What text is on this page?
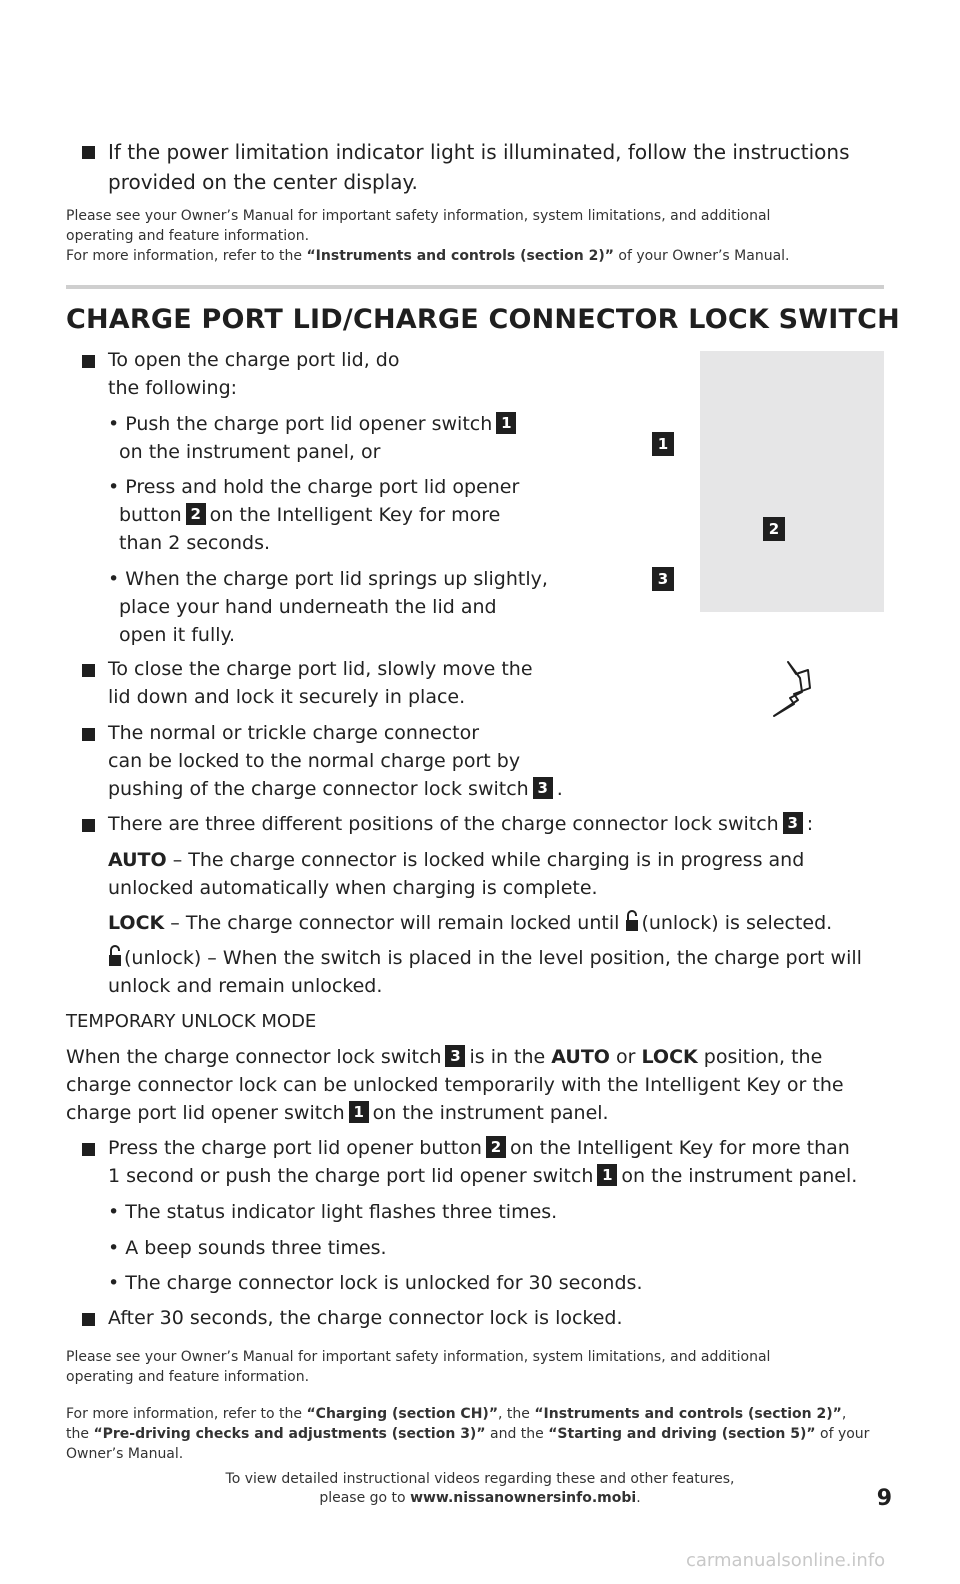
If the power limitation indicator light is illuminated, follow the instructions provided on the center display.
Please see your Owner’s Manual for important safety information, system limitations, and additional
operating and feature information.
For more information, refer to the “Instruments and controls (section 2)” of your Owner’s Manual.
CHARGE PORT LID/CHARGE CONNECTOR LOCK SWITCH
1
2
3
To open the charge port lid, do the following:
• Push the charge port lid opener switch 1
on the instrument panel, or
• Press and hold the charge port lid opener
button 2 on the Intelligent Key for more
than 2 seconds.
• When the charge port lid springs up slightly,
place your hand underneath the lid and
open it fully.
To close the charge port lid, slowly move the
lid down and lock it securely in place.
The normal or trickle charge connector
can be locked to the normal charge port by
pushing of the charge connector lock switch 3 .
There are three different positions of the charge connector lock switch 3 :
AUTO – The charge connector is locked while charging is in progress and
unlocked automatically when charging is complete.
LOCK – The charge connector will remain locked until (unlock) is selected.
(unlock) – When the switch is placed in the level position, the charge port will
unlock and remain unlocked.
TEMPORARY UNLOCK MODE
When the charge connector lock switch 3 is in the AUTO or LOCK position, the
charge connector lock can be unlocked temporarily with the Intelligent Key or the
charge port lid opener switch 1 on the instrument panel.
Press the charge port lid opener button 2 on the Intelligent Key for more than
1 second or push the charge port lid opener switch 1 on the instrument panel.
• The status indicator light flashes three times.
• A beep sounds three times.
• The charge connector lock is unlocked for 30 seconds.
After 30 seconds, the charge connector lock is locked.
Please see your Owner’s Manual for important safety information, system limitations, and additional
operating and feature information.
For more information, refer to the “Charging (section CH)”, the “Instruments and controls (section 2)”,
the “Pre-driving checks and adjustments (section 3)” and the “Starting and driving (section 5)” of your
Owner’s Manual.
To view detailed instructional videos regarding these and other features,
please go to www.nissanownersinfo.mobi.	9
carmanualsonline.info
